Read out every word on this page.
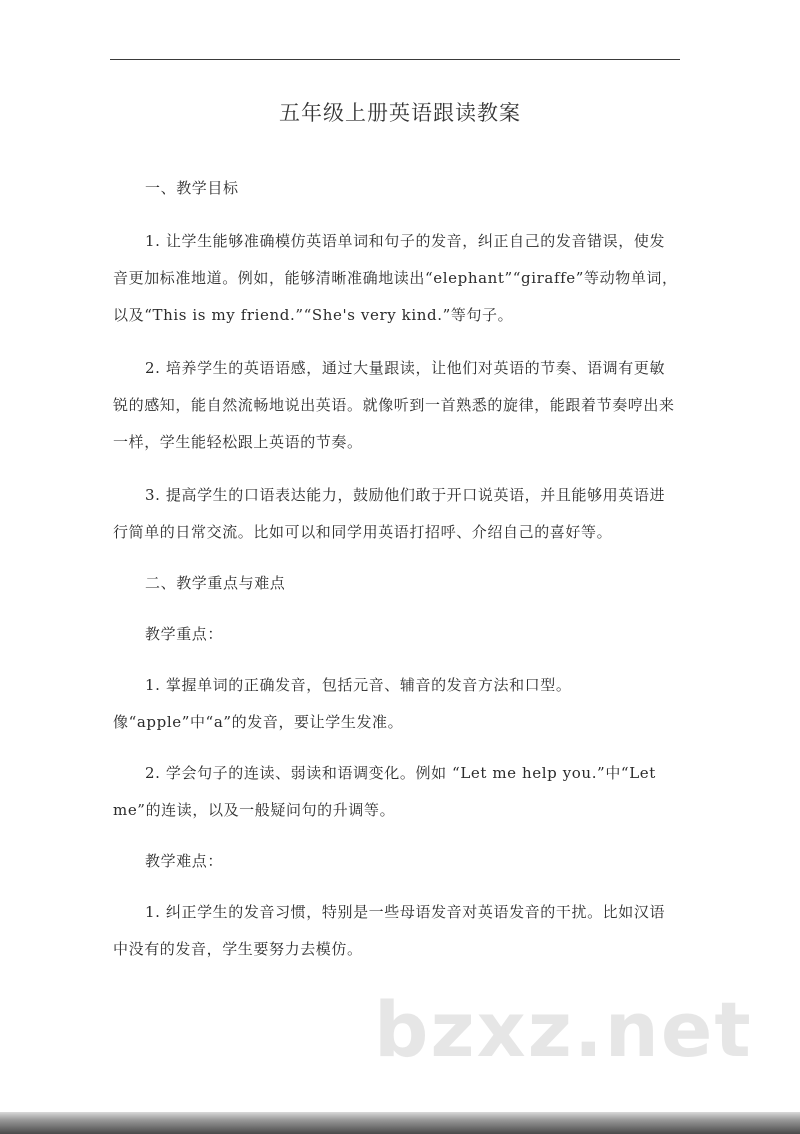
五年级上册英语跟读教案

一、教学目标

1. 让学生能够准确模仿英语单词和句子的发音，纠正自己的发音错误，使发音更加标准地道。例如，能够清晰准确地读出“elephant”“giraffe”等动物单词，以及“This is my friend.”“She's very kind.”等句子。

2. 培养学生的英语语感，通过大量跟读，让他们对英语的节奏、语调有更敏锐的感知，能自然流畅地说出英语。就像听到一首熟悉的旋律，能跟着节奏哼出来一样，学生能轻松跟上英语的节奏。

3. 提高学生的口语表达能力，鼓励他们敢于开口说英语，并且能够用英语进行简单的日常交流。比如可以和同学用英语打招呼、介绍自己的喜好等。

二、教学重点与难点

教学重点：

1. 掌握单词的正确发音，包括元音、辅音的发音方法和口型。像“apple”中“a”的发音，要让学生发准。

2. 学会句子的连读、弱读和语调变化。例如 “Let me help you.”中“Let me”的连读，以及一般疑问句的升调等。

教学难点：

1. 纠正学生的发音习惯，特别是一些母语发音对英语发音的干扰。比如汉语中没有的发音，学生要努力去模仿。

bzxz.net
